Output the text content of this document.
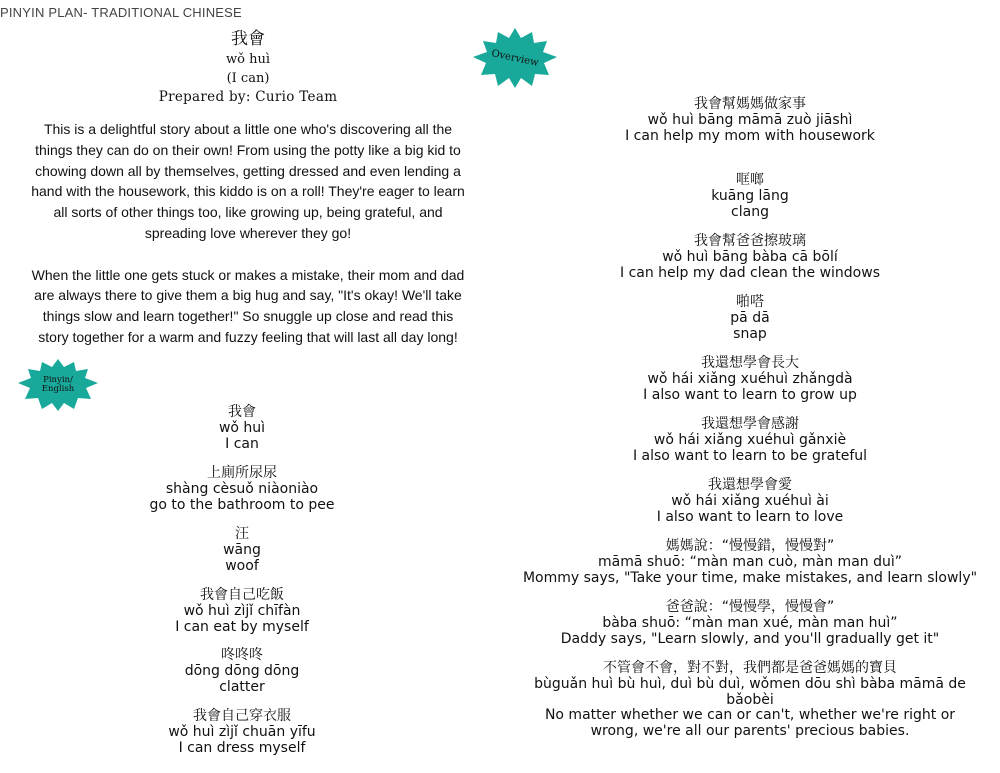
PINYIN PLAN- TRADITIONAL CHINESE
我會
wǒ huì
(I can)
Prepared by: Curio Team

This is a delightful story about a little one who's discovering all the things they can do on their own! From using the potty like a big kid to chowing down all by themselves, getting dressed and even lending a hand with the housework, this kiddo is on a roll! They're eager to learn all sorts of other things too, like growing up, being grateful, and spreading love wherever they go!

When the little one gets stuck or makes a mistake, their mom and dad are always there to give them a big hug and say, "It's okay! We'll take things slow and learn together!" So snuggle up close and read this story together for a warm and fuzzy feeling that will last all day long!

Overview
Pinyin/
English
我會
wǒ huì
I can
上廁所尿尿
shàng cèsuǒ niàoniào
go to the bathroom to pee
汪
wāng
woof
我會自己吃飯
wǒ huì zìjǐ chīfàn
I can eat by myself
咚咚咚
dōng dōng dōng
clatter
我會自己穿衣服
wǒ huì zìjǐ chuān yīfu
I can dress myself
我會幫媽媽做家事
wǒ huì bāng māmā zuò jiāshì
I can help my mom with housework
哐啷
kuāng lāng
clang
我會幫爸爸擦玻璃
wǒ huì bāng bàba cā bōlí
I can help my dad clean the windows
啪嗒
pā dā
snap
我還想學會長大
wǒ hái xiǎng xuéhuì zhǎngdà
I also want to learn to grow up
我還想學會感謝
wǒ hái xiǎng xuéhuì gǎnxiè
I also want to learn to be grateful
我還想學會愛
wǒ hái xiǎng xuéhuì ài
I also want to learn to love
媽媽說：“慢慢錯，慢慢對”
māmā shuō: “màn man cuò, màn man duì”
Mommy says, "Take your time, make mistakes, and learn slowly"
爸爸說：“慢慢學，慢慢會”
bàba shuō: “màn man xué, màn man huì”
Daddy says, "Learn slowly, and you'll gradually get it"
不管會不會，對不對，我們都是爸爸媽媽的寶貝
bùguǎn huì bù huì, duì bù duì, wǒmen dōu shì bàba māmā de bǎobèi
No matter whether we can or can't, whether we're right or wrong, we're all our parents' precious babies.
